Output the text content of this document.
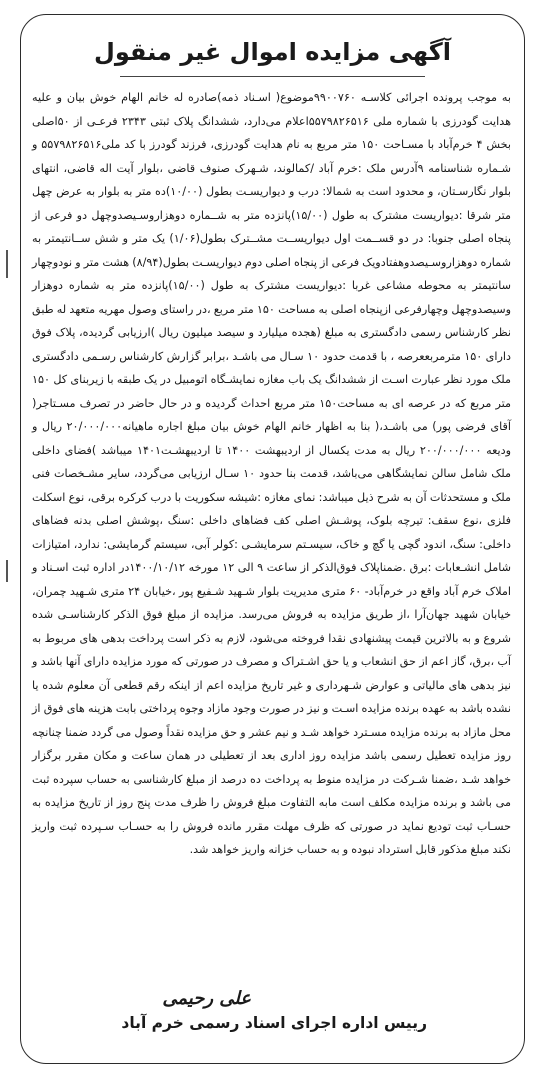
آگهی مزایده اموال غیر منقول
به موجب پرونده اجرائی کلاسـه ۹۹۰۰۷۶۰موضوع( اسـناد ذمه)صادره له خانم الهام خوش بیان و علیه هدایت گودرزی با شماره ملی ۵۵۷۹۸۲۶۵۱۶اعلام می‌دارد، ششدانگ پلاک ثبتی ۲۳۴۳ فرعـی از ۵۰اصلی بخش ۴ خرم‌آباد با مسـاحت ۱۵۰ متر مربع به نام هدایت گودرزی، فرزند گودرز با کد ملی۵۵۷۹۸۲۶۵۱۶ و شـماره شناسنامه ۹آدرس ملک :خرم آباد /کمالوند، شـهرک صنوف قاضی ،بلوار آیت اله قاضی، انتهای بلوار نگارسـتان، و محدود است به شمالا: درب و دیواریسـت بطول (۱۰/۰۰)ده متر به بلوار به عرض چهل متر شرقا :دیواریست مشترک به طول (۱۵/۰۰)پانزده متر به شــماره دوهزاروسـیصدوچهل دو فرعی از پنجاه اصلی جنوبا: در دو قســمت اول دیواریســت مشــترک بطول(۱/۰۶) یک متر و شش ســانتیمتر به شماره دوهزاروسـیصدوهفتادویک فرعی از پنجاه اصلی دوم دیواریسـت بطول(۸/۹۴) هشت متر و نودوچهار سانتیمتر به محوطه مشاعی غربا :دیواریست مشترک به طول (۱۵/۰۰)پانزده متر به شماره دوهزار وسیصدوچهل وچهارفرعی ازپنجاه اصلی به مساحت ۱۵۰ متر مربع ،در راستای وصول مهریه متعهد له طبق نظر کارشناس رسمی دادگستری به مبلغ (هجده میلیارد و سیصد میلیون ریال )ارزیابی گردیده، پلاک فوق دارای ۱۵۰ مترمربععرصه ، با قدمت حدود ۱۰ سـال می باشـد ،برابر گزارش کارشناس رسـمی دادگستری ملک مورد نظر عبارت اسـت از ششدانگ یک باب مغازه نمایشـگاه اتومبیل در یک طبقه با زیربنای کل ۱۵۰ متر مربع که در عرصه ای به مساحت۱۵۰ متر مربع احداث گردیده و در حال حاضر در تصرف مسـتاجر( آقای فرضی پور) می باشـد،( بنا به اظهار خانم الهام خوش بیان مبلغ اجاره ماهیانه۲۰/۰۰۰/۰۰۰ ریال و ودیعه ۲۰۰/۰۰۰/۰۰۰ ریال به مدت یکسال از اردیبهشت ۱۴۰۰ تا اردیبهشـت۱۴۰۱ میباشد )فضای داخلی ملک شامل سالن نمایشگاهی می‌باشد، قدمت بنا حدود ۱۰ سـال ارزیابی می‌گردد، سایر مشـخصات فنی ملک و مستحدثات آن به شرح ذیل میباشد: نمای مغازه :شیشه سکوریت با درب کرکره برقی، نوع اسکلت فلزی ،نوع سقف: تیرچه بلوک، پوشـش اصلی کف فضاهای داخلی :سنگ ،پوشش اصلی بدنه فضاهای داخلی: سنگ، اندود گچی یا گچ و خاک، سیسـتم سرمایشـی :کولر آبی، سیستم گرمایشی: ندارد، امتیازات شامل انشـعابات :برق .ضمناپلاک فوق‌الذکر از ساعت ۹ الی ۱۲ مورخه ۱۴۰۰/۱۰/۱۲در اداره ثبت اسـناد و املاک خرم آباد واقع در خرم‌آباد- ۶۰ متری مدیریت بلوار شـهید شـفیع پور ،خیابان ۲۴ متری شـهید چمران، خیابان شهید جهان‌آرا ،از طریق مزایده به فروش می‌رسد. مزایده از مبلغ فوق الذکر کارشناسـی شده شروع و به بالاترین قیمت پیشنهادی نقدا فروخته می‌شود، لازم به ذکر است پرداخت بدهی های مربوط به آب ،برق، گاز اعم از حق انشعاب و یا حق اشـتراک و مصرف در صورتی که مورد مزایده دارای آنها باشد و نیز بدهی های مالیاتی و عوارض شـهرداری و غیر تاریخ مزایده اعم از اینکه رقم قطعی آن معلوم شده یا نشده باشد به عهده برنده مزایده اسـت و نیز در صورت وجود مازاد وجوه پرداختی بابت هزینه های فوق از محل مازاد به برنده مزایده مسـترد خواهد شـد و نیم عشر و حق مزایده نقداً وصول می گردد ضمنا چنانچه روز مزایده تعطیل رسمی باشد مزایده روز اداری بعد از تعطیلی در همان ساعت و مکان مقرر برگزار خواهد شـد ،ضمنا شـرکت در مزایده منوط به پرداخت ده درصد از مبلغ کارشناسی به حساب سپرده ثبت می باشد و برنده مزایده مکلف است مابه التفاوت مبلغ فروش را ظرف مدت پنج روز از تاریخ مزایده به حسـاب ثبت تودیع نماید در صورتی که ظرف مهلت مقرر مانده فروش را به حسـاب سـپرده ثبت واریز نکند مبلغ مذکور قابل استرداد نبوده و به حساب خزانه واریز خواهد شد.
علی رحیمی
رییس اداره اجرای اسناد رسمی خرم آباد
